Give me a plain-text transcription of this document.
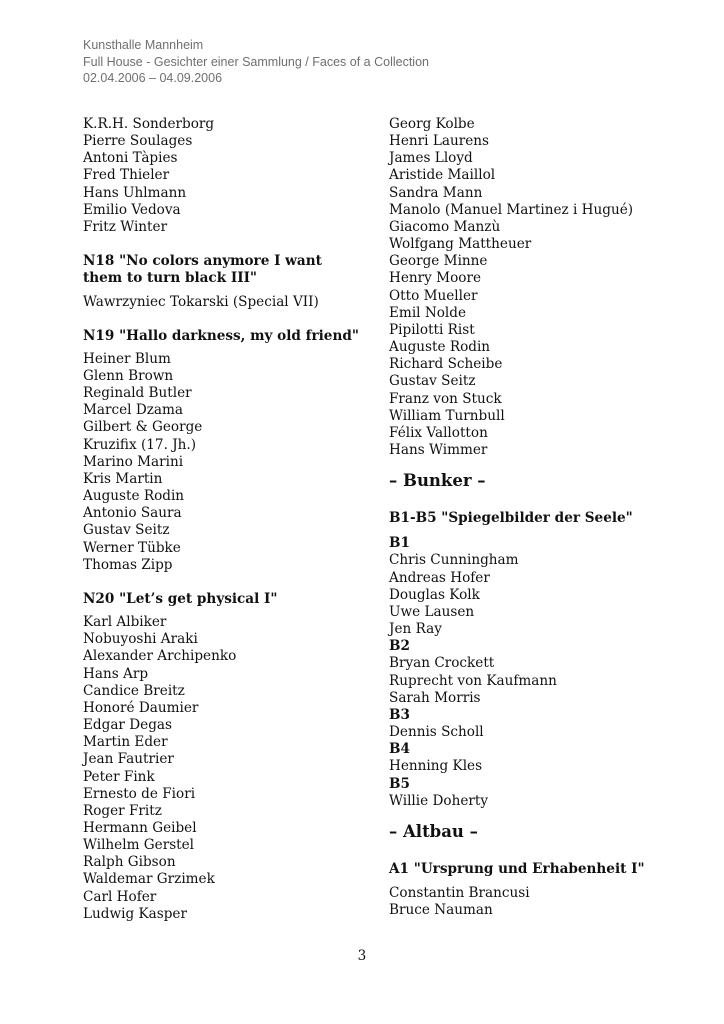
Kunsthalle Mannheim
Full House - Gesichter einer Sammlung / Faces of a Collection
02.04.2006 – 04.09.2006
K.R.H. Sonderborg
Pierre Soulages
Antoni Tàpies
Fred Thieler
Hans Uhlmann
Emilio Vedova
Fritz Winter
N18 "No colors anymore I want
them to turn black III"
Wawrzyniec Tokarski (Special VII)
N19 "Hallo darkness, my old friend"
Heiner Blum
Glenn Brown
Reginald Butler
Marcel Dzama
Gilbert & George
Kruzifix (17. Jh.)
Marino Marini
Kris Martin
Auguste Rodin
Antonio Saura
Gustav Seitz
Werner Tübke
Thomas Zipp
N20 "Let’s get physical I"
Karl Albiker
Nobuyoshi Araki
Alexander Archipenko
Hans Arp
Candice Breitz
Honoré Daumier
Edgar Degas
Martin Eder
Jean Fautrier
Peter Fink
Ernesto de Fiori
Roger Fritz
Hermann Geibel
Wilhelm Gerstel
Ralph Gibson
Waldemar Grzimek
Carl Hofer
Ludwig Kasper
Georg Kolbe
Henri Laurens
James Lloyd
Aristide Maillol
Sandra Mann
Manolo (Manuel Martinez i Hugué)
Giacomo Manzù
Wolfgang Mattheuer
George Minne
Henry Moore
Otto Mueller
Emil Nolde
Pipilotti Rist
Auguste Rodin
Richard Scheibe
Gustav Seitz
Franz von Stuck
William Turnbull
Félix Vallotton
Hans Wimmer
– Bunker –
B1-B5 "Spiegelbilder der Seele"
B1
Chris Cunningham
Andreas Hofer
Douglas Kolk
Uwe Lausen
Jen Ray
B2
Bryan Crockett
Ruprecht von Kaufmann
Sarah Morris
B3
Dennis Scholl
B4
Henning Kles
B5
Willie Doherty
– Altbau –
A1 "Ursprung und Erhabenheit I"
Constantin Brancusi
Bruce Nauman
3
